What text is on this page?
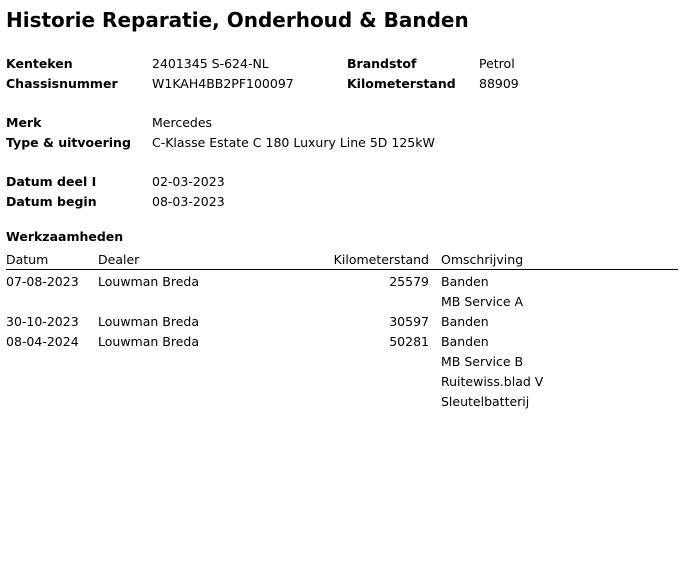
Historie Reparatie, Onderhoud & Banden
Kenteken	2401345 S-624-NL	Brandstof	Petrol
Chassisnummer	W1KAH4BB2PF100097	Kilometerstand 88909
Merk	Mercedes
Type & uitvoering C-Klasse Estate C 180 Luxury Line 5D 125kW
Datum deel I	02-03-2023
Datum begin	08-03-2023
Werkzaamheden
Datum	Dealer	Kilometerstand Omschrijving
07-08-2023 Louwman Breda	25579 Banden
MB Service A
30-10-2023 Louwman Breda	30597 Banden
08-04-2024 Louwman Breda	50281 Banden
MB Service B
Ruitewiss.blad V
Sleutelbatterij
